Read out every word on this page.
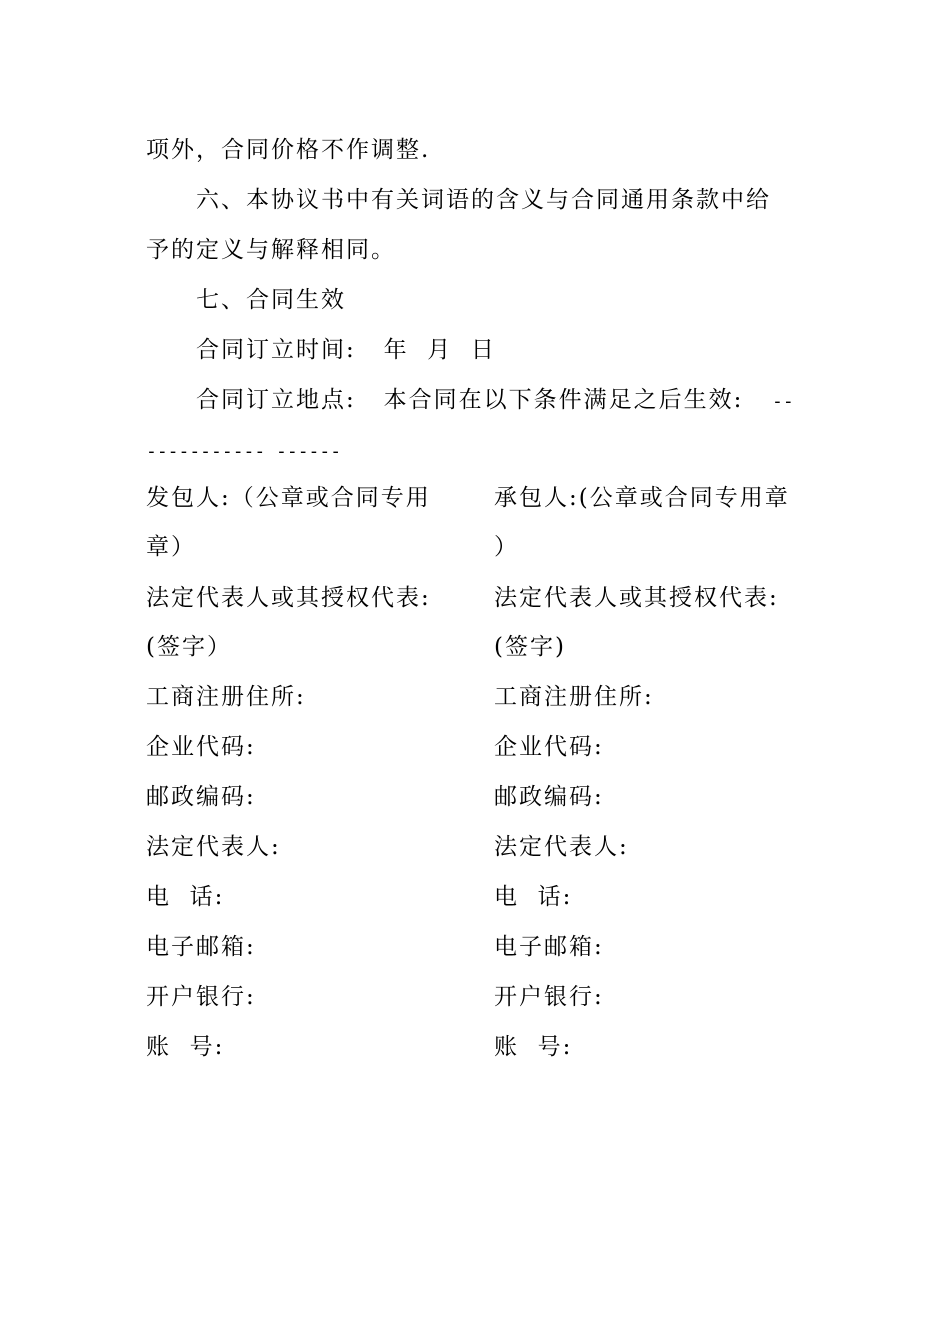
项外，合同价格不作调整.
六、本协议书中有关词语的含义与合同通用条款中给
予的定义与解释相同。
七、合同生效
合同订立时间:   年  月  日
合同订立地点:   本合同在以下条件满足之后生效: --
----------- ------
发包人:（公章或合同专用
章）
法定代表人或其授权代表:
(签字）
工商注册住所:
企业代码:
邮政编码:
法定代表人:
电  话:
电子邮箱:
开户银行:
账  号:
承包人:(公章或合同专用章
）
法定代表人或其授权代表:
(签字)
工商注册住所:
企业代码:
邮政编码:
法定代表人:
电  话:
电子邮箱:
开户银行:
账  号:
